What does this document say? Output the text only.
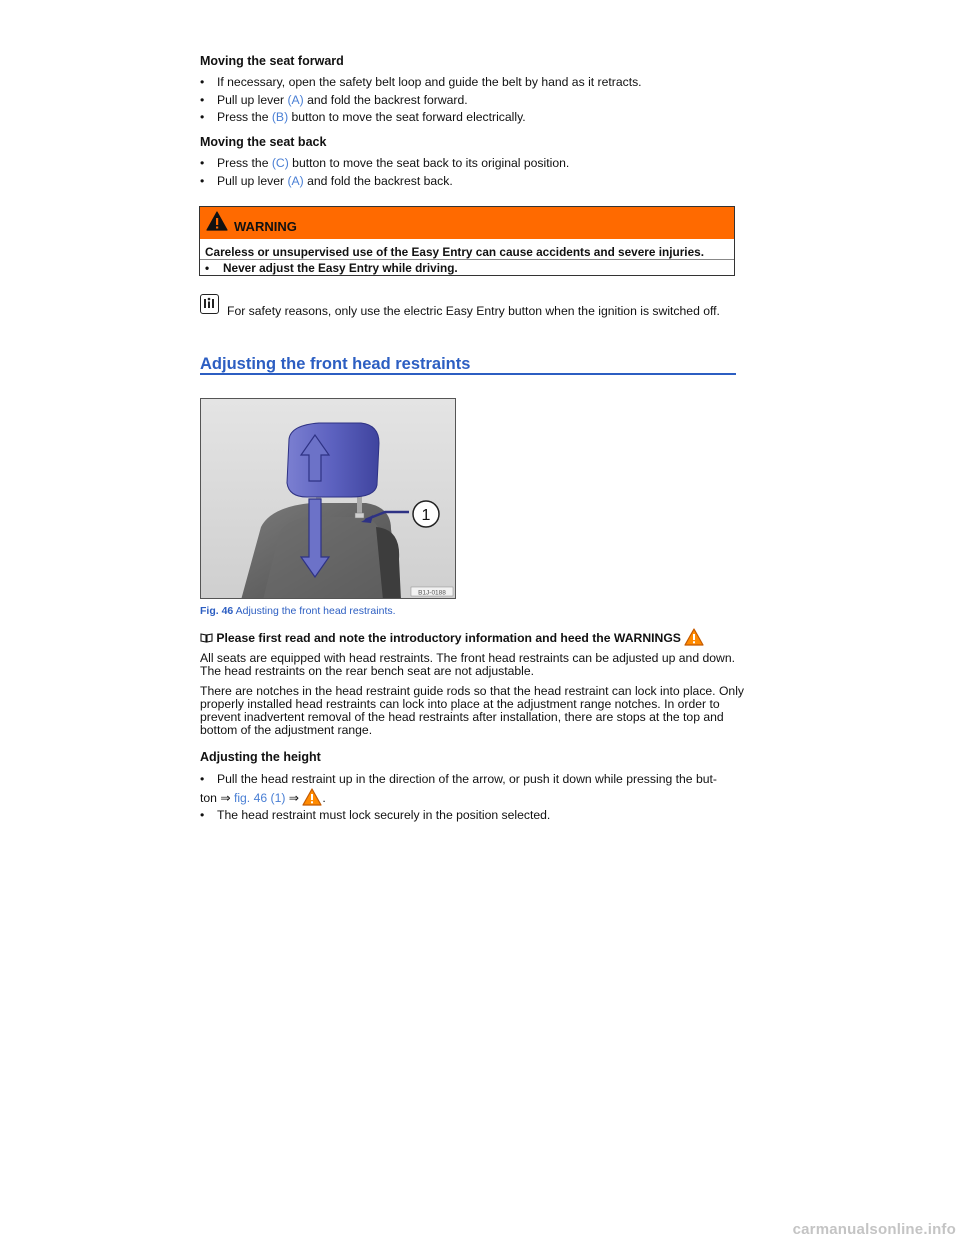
Moving the seat forward
• If necessary, open the safety belt loop and guide the belt by hand as it retracts.
• Pull up lever (A) and fold the backrest forward.
• Press the (B) button to move the seat forward electrically.
Moving the seat back
• Press the (C) button to move the seat back to its original position.
• Pull up lever (A) and fold the backrest back.
WARNING
Careless or unsupervised use of the Easy Entry can cause accidents and severe injuries.
• Never adjust the Easy Entry while driving.
For safety reasons, only use the electric Easy Entry button when the ignition is switched off.
Adjusting the front head restraints
1
B1J-0188
Fig. 46 Adjusting the front head restraints.
Please first read and note the introductory information and heed the WARNINGS
All seats are equipped with head restraints. The front head restraints can be adjusted up and down.
The head restraints on the rear bench seat are not adjustable.
There are notches in the head restraint guide rods so that the head restraint can lock into place. Only
properly installed head restraints can lock into place at the adjustment range notches. In order to
prevent inadvertent removal of the head restraints after installation, there are stops at the top and
bottom of the adjustment range.
Adjusting the height
• Pull the head restraint up in the direction of the arrow, or push it down while pressing the but-
ton ⇒ fig. 46 (1) ⇒ .
• The head restraint must lock securely in the position selected.
carmanualsonline.info
